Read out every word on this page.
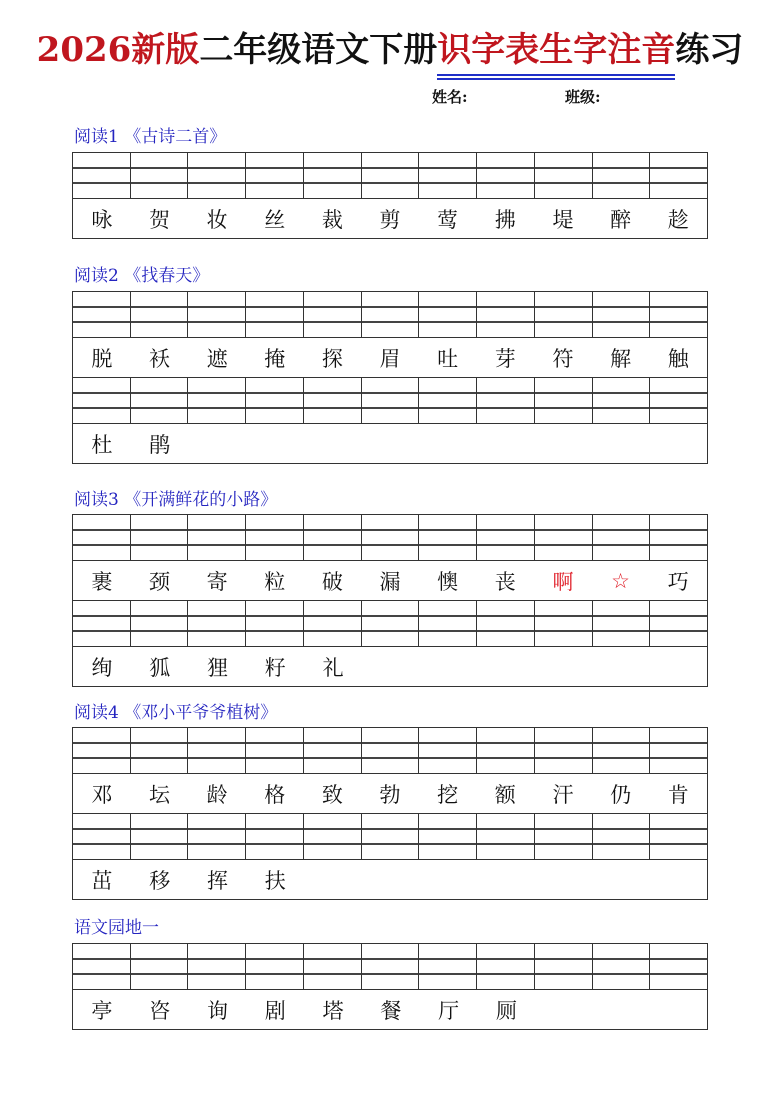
2026新版二年级语文下册识字表生字注音练习
姓名:	班级:
阅读1 《古诗二首》
咏	贺	妆	丝	裁	剪	莺	拂	堤	醉	趁
阅读2 《找春天》
脱	袄	遮	掩	探	眉	吐	芽	符	解	触
杜	鹃
阅读3 《开满鲜花的小路》
裹	颈	寄	粒	破	漏	懊	丧	啊	☆	巧
绚	狐	狸	籽	礼
阅读4 《邓小平爷爷植树》
邓	坛	龄	格	致	勃	挖	额	汗	仍	肯
茁	移	挥	扶
语文园地一
亭	咨	询	剧	塔	餐	厅	厕
